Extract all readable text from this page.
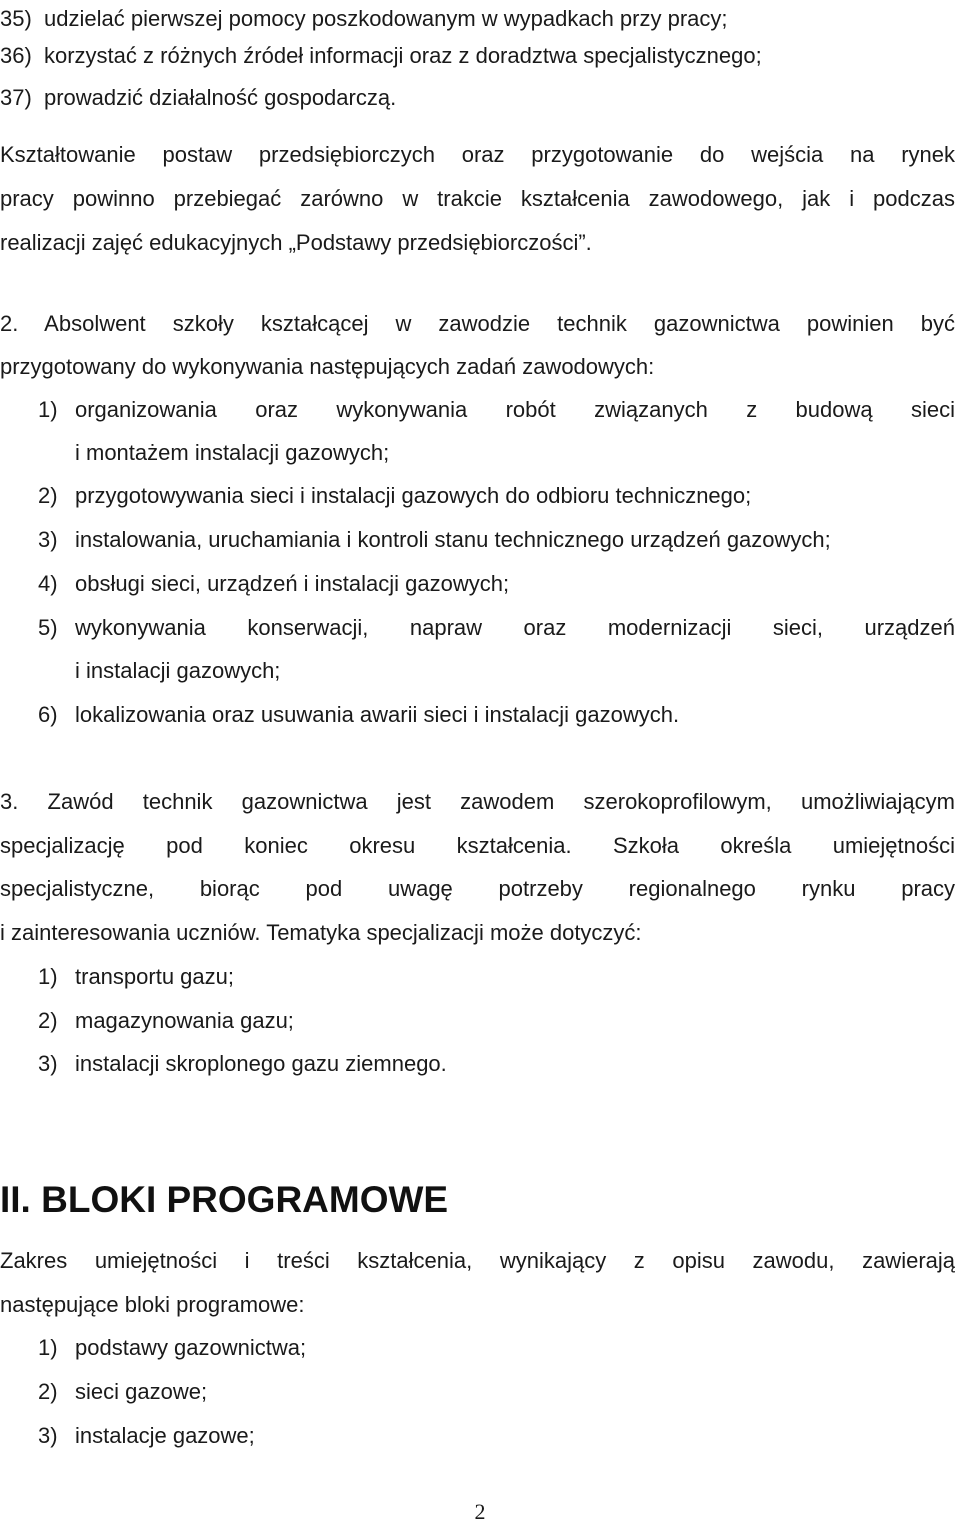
35) udzielać pierwszej pomocy poszkodowanym w wypadkach przy pracy;
36) korzystać z różnych źródeł informacji oraz z doradztwa specjalistycznego;
37) prowadzić działalność gospodarczą.
Kształtowanie postaw przedsiębiorczych oraz przygotowanie do wejścia na rynek
pracy powinno przebiegać zarówno w trakcie kształcenia zawodowego, jak i podczas
realizacji zajęć edukacyjnych „Podstawy przedsiębiorczości”.
2. Absolwent szkoły kształcącej w zawodzie technik gazownictwa powinien być
przygotowany do wykonywania następujących zadań zawodowych:
1) organizowania oraz wykonywania robót związanych z budową sieci
i montażem instalacji gazowych;
2) przygotowywania sieci i instalacji gazowych do odbioru technicznego;
3) instalowania, uruchamiania i kontroli stanu technicznego urządzeń gazowych;
4) obsługi sieci, urządzeń i instalacji gazowych;
5) wykonywania konserwacji, napraw oraz modernizacji sieci, urządzeń
i instalacji gazowych;
6) lokalizowania oraz usuwania awarii sieci i instalacji gazowych.
3. Zawód technik gazownictwa jest zawodem szerokoprofilowym, umożliwiającym
specjalizację pod koniec okresu kształcenia. Szkoła określa umiejętności
specjalistyczne, biorąc pod uwagę potrzeby regionalnego rynku pracy
i zainteresowania uczniów. Tematyka specjalizacji może dotyczyć:
1) transportu gazu;
2) magazynowania gazu;
3) instalacji skroplonego gazu ziemnego.
II. BLOKI PROGRAMOWE
Zakres umiejętności i treści kształcenia, wynikający z opisu zawodu, zawierają
następujące bloki programowe:
1) podstawy gazownictwa;
2) sieci gazowe;
3) instalacje gazowe;
2
